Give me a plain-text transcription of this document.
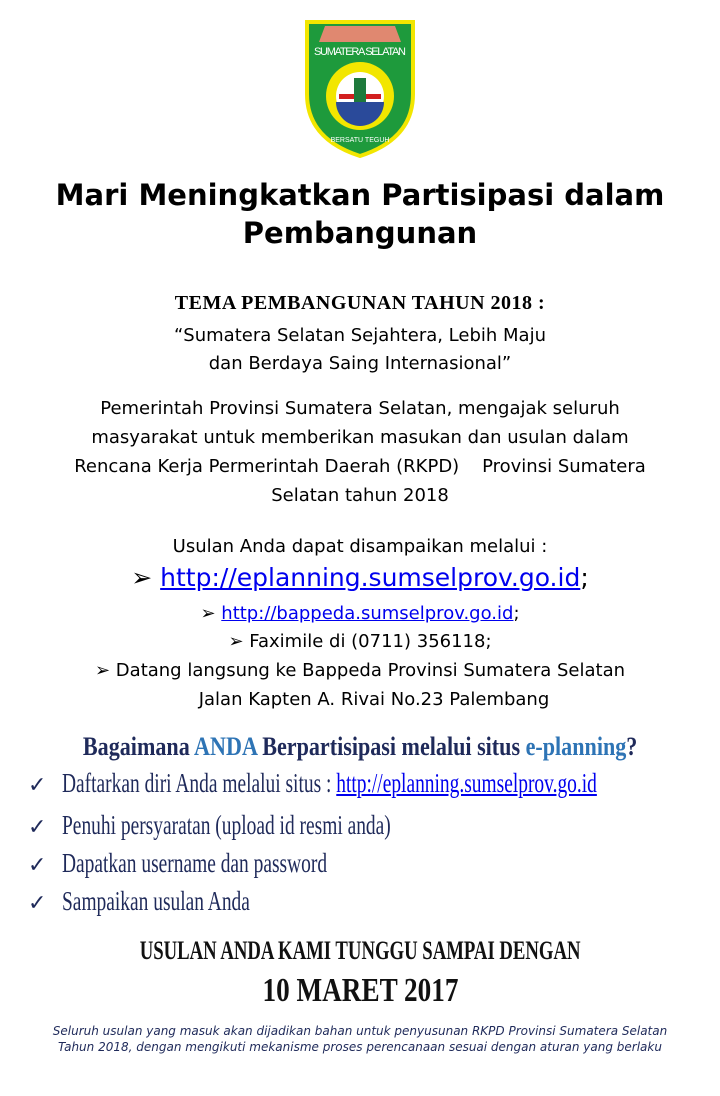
SUMATERA SELATAN
BERSATU TEGUH
Mari Meningkatkan Partisipasi dalam
Pembangunan
TEMA PEMBANGUNAN TAHUN 2018 :
“Sumatera Selatan Sejahtera, Lebih Maju
dan Berdaya Saing Internasional”
Pemerintah Provinsi Sumatera Selatan, mengajak seluruh
masyarakat untuk memberikan masukan dan usulan dalam
Rencana Kerja Permerintah Daerah (RKPD)    Provinsi Sumatera
Selatan tahun 2018
Usulan Anda dapat disampaikan melalui :
➢ http://eplanning.sumselprov.go.id;
➢ http://bappeda.sumselprov.go.id;
➢ Faximile di (0711) 356118;
➢ Datang langsung ke Bappeda Provinsi Sumatera Selatan
Jalan Kapten A. Rivai No.23 Palembang
Bagaimana ANDA Berpartisipasi melalui situs e-planning?
✓ Daftarkan diri Anda melalui situs : http://eplanning.sumselprov.go.id
✓ Penuhi persyaratan (upload id resmi anda)
✓ Dapatkan username dan password
✓ Sampaikan usulan Anda
USULAN ANDA KAMI TUNGGU SAMPAI DENGAN
10 MARET 2017
Seluruh usulan yang masuk akan dijadikan bahan untuk penyusunan RKPD Provinsi Sumatera Selatan
Tahun 2018, dengan mengikuti mekanisme proses perencanaan sesuai dengan aturan yang berlaku
